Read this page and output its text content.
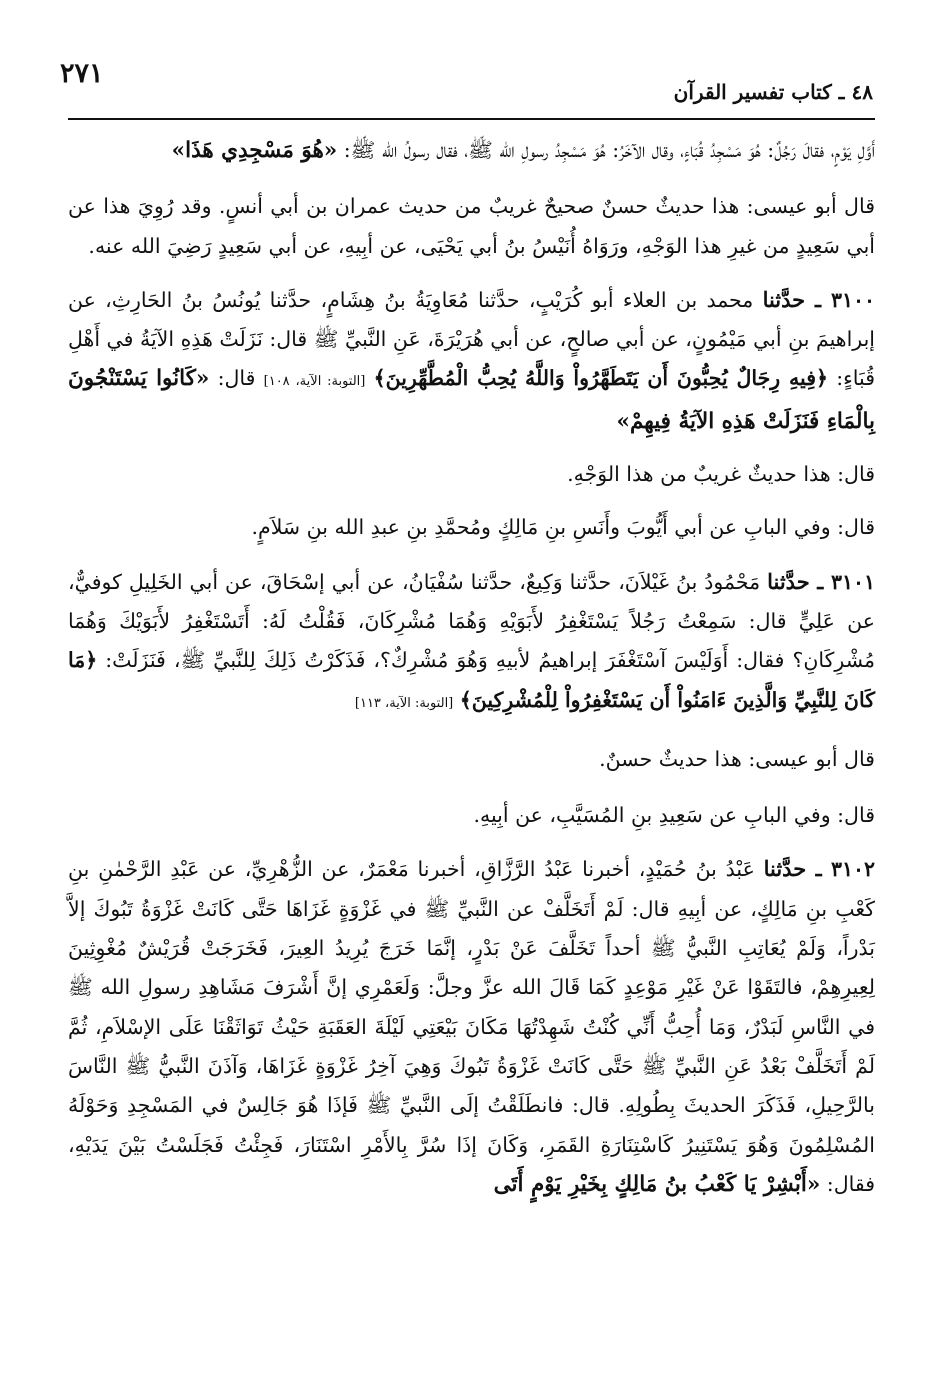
٢٧١
٤٨ ـ كتاب تفسير القرآن

أَوَّلِ يَوْمٍ، فقالَ رَجُلٌ: هُوَ مَسْجِدُ قُبَاءٍ، وقال الآخَرُ: هُوَ مَسْجِدُ رسولِ الله ﷺ، فقال رسولُ الله ﷺ: «هُوَ مَسْجِدِي هَذَا»

قال أبو عيسى: هذا حديثٌ حسنٌ صحيحٌ غريبٌ من حديث عمران بن أبي أنسٍ. وقد رُوِيَ هذا عن أبي سَعِيدٍ من غيرِ هذا الوَجْهِ، ورَوَاهُ أُنَيْسُ بنُ أبي يَحْيَى، عن أبِيهِ، عن أبي سَعِيدٍ رَضِيَ الله عنه.

٣١٠٠ ـ حدَّثنا محمد بن العلاء أبو كُرَيْبٍ، حدَّثنا مُعَاوِيَةُ بنُ هِشَامٍ، حدَّثنا يُونُسُ بنُ الحَارِثِ، عن إبراهيمَ بنِ أبي مَيْمُونٍ، عن أبي صالحٍ، عن أبي هُرَيْرَةَ، عَنِ النَّبيِّ ﷺ قال: نَزَلَتْ هَذِهِ الآيَةُ في أَهْلِ قُبَاءٍ: ﴿فِيهِ رِجَالٌ يُحِبُّونَ أَن يَتَطَهَّرُواْ وَاللَّهُ يُحِبُّ الْمُطَّهِّرِينَ﴾ [التوبة: الآية، ١٠٨] قال: «كَانُوا يَسْتَنْجُونَ بِالْمَاءِ فَنَزَلَتْ هَذِهِ الآيَةُ فِيهِمْ»

قال: هذا حديثٌ غريبٌ من هذا الوَجْهِ.

قال: وفي البابِ عن أبي أَيُّوبَ وأَنَسِ بنِ مَالِكٍ ومُحمَّدِ بنِ عبدِ الله بنِ سَلاَمٍ.

٣١٠١ ـ حدَّثنا مَحْمُودُ بنُ غَيْلاَنَ، حدَّثنا وَكِيعٌ، حدَّثنا سُفْيَانُ، عن أبي إسْحَاقَ، عن أبي الخَلِيلِ كوفيٌّ، عن عَلِيٍّ قال: سَمِعْتُ رَجُلاً يَسْتَغْفِرُ لأَبَوَيْهِ وَهُمَا مُشْرِكَانَ، فَقُلْتُ لَهُ: أَتَسْتَغْفِرُ لأَبَوَيْكَ وَهُمَا مُشْرِكَانِ؟ فقال: أَوَلَيْسَ آسْتَغْفَرَ إبراهيمُ لأبيهِ وَهُوَ مُشْرِكٌ؟، فَذَكَرْتُ ذَلِكَ لِلنَّبيِّ ﷺ، فَنَزَلَتْ: ﴿مَا كَانَ لِلنَّبِيِّ وَالَّذِينَ ءَامَنُواْ أَن يَسْتَغْفِرُواْ لِلْمُشْرِكِينَ﴾ [التوبة: الآية، ١١٣]

قال أبو عيسى: هذا حديثٌ حسنٌ.

قال: وفي البابِ عن سَعِيدِ بنِ المُسَيَّبِ، عن أبِيهِ.

٣١٠٢ ـ حدَّثنا عَبْدُ بنُ حُمَيْدٍ، أخبرنا عَبْدُ الرَّزَّاقِ، أخبرنا مَعْمَرٌ، عن الزُّهْرِيِّ، عن عَبْدِ الرَّحْمٰنِ بنِ كَعْبِ بنِ مَالِكٍ، عن أبِيهِ قال: لَمْ أَتَخَلَّفْ عن النَّبيِّ ﷺ في غَزْوَةٍ غَزَاهَا حَتَّى كَانَتْ غَزْوَةُ تَبُوكَ إلاَّ بَدْراً، وَلَمْ يُعَاتِبِ النَّبيُّ ﷺ أحداً تَخَلَّفَ عَنْ بَدْرٍ، إنَّمَا خَرَجَ يُرِيدُ العِيرَ، فَخَرَجَتْ قُرَيْشٌ مُغْوِثِينَ لِعِيرِهِمْ، فالتَقَوْا عَنْ غَيْرِ مَوْعِدٍ كَمَا قَالَ الله عزَّ وجلَّ: وَلَعَمْرِي إنَّ أَشْرَفَ مَشَاهِدِ رسولِ الله ﷺ في النَّاسِ لَبَدْرٌ، وَمَا أُحِبُّ أَنِّي كُنْتُ شَهِدْتُهَا مَكَانَ بَيْعَتِي لَيْلَةَ العَقَبَةِ حَيْثُ تَوَاثَقْنَا عَلَى الإسْلاَمِ، ثُمَّ لَمْ أَتَخَلَّفْ بَعْدُ عَنِ النَّبيِّ ﷺ حَتَّى كَانَتْ غَزْوَةُ تَبُوكَ وَهِيَ آخِرُ غَزْوَةٍ غَزَاهَا، وَآذَنَ النَّبيُّ ﷺ النَّاسَ بالرَّحِيلِ، فَذَكَرَ الحديثَ بِطُولِهِ. قال: فانطَلَقْتُ إلَى النَّبيِّ ﷺ فَإذَا هُوَ جَالِسٌ في المَسْجِدِ وَحَوْلَهُ المُسْلِمُونَ وَهُوَ يَسْتَنِيرُ كَاسْتِنَارَةِ القَمَرِ، وَكَانَ إذَا سُرَّ بِالأَمْرِ اسْتَنَارَ، فَجِئْتُ فَجَلَسْتُ بَيْنَ يَدَيْهِ، فقال: «أَبْشِرْ يَا كَعْبُ بنُ مَالِكٍ بِخَيْرِ يَوْمٍ أَتَى
